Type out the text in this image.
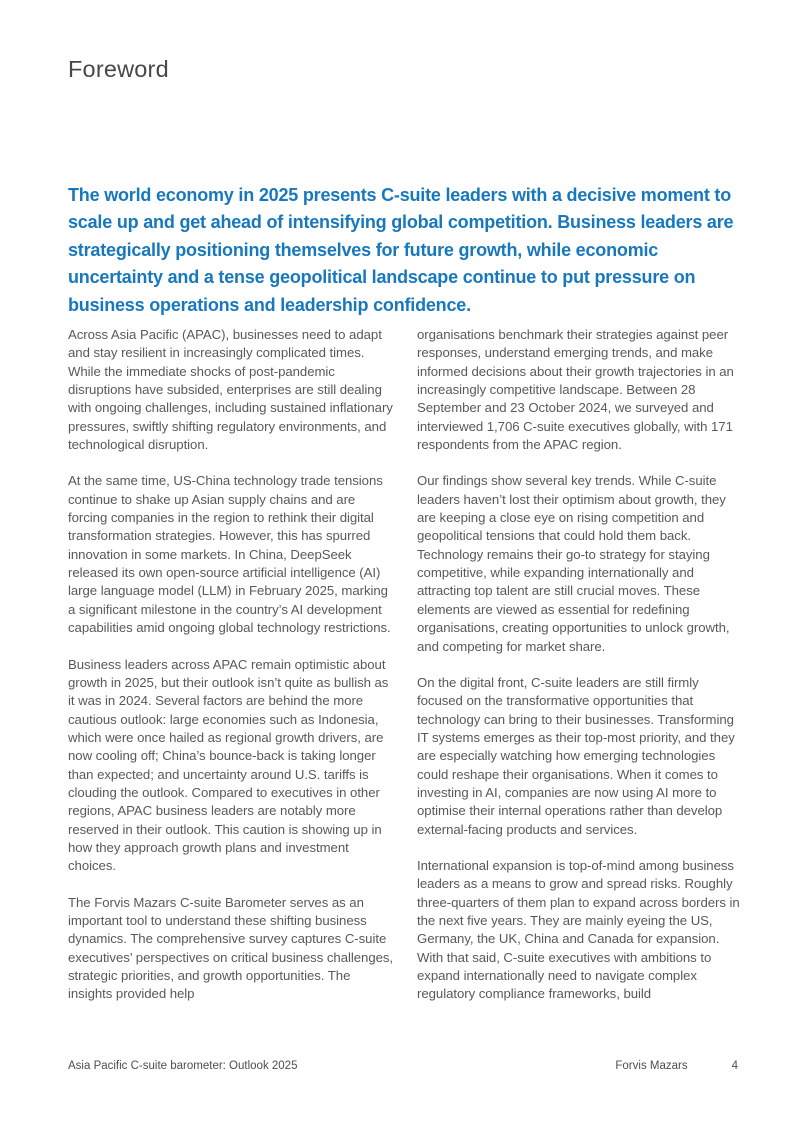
Foreword
The world economy in 2025 presents C-suite leaders with a decisive moment to scale up and get ahead of intensifying global competition. Business leaders are strategically positioning themselves for future growth, while economic uncertainty and a tense geopolitical landscape continue to put pressure on business operations and leadership confidence.

Across Asia Pacific (APAC), businesses need to adapt and stay resilient in increasingly complicated times. While the immediate shocks of post-pandemic disruptions have subsided, enterprises are still dealing with ongoing challenges, including sustained inflationary pressures, swiftly shifting regulatory environments, and technological disruption.

At the same time, US-China technology trade tensions continue to shake up Asian supply chains and are forcing companies in the region to rethink their digital transformation strategies. However, this has spurred innovation in some markets. In China, DeepSeek released its own open-source artificial intelligence (AI) large language model (LLM) in February 2025, marking a significant milestone in the country’s AI development capabilities amid ongoing global technology restrictions.

Business leaders across APAC remain optimistic about growth in 2025, but their outlook isn’t quite as bullish as it was in 2024. Several factors are behind the more cautious outlook: large economies such as Indonesia, which were once hailed as regional growth drivers, are now cooling off; China’s bounce-back is taking longer than expected; and uncertainty around U.S. tariffs is clouding the outlook. Compared to executives in other regions, APAC business leaders are notably more reserved in their outlook. This caution is showing up in how they approach growth plans and investment choices.

The Forvis Mazars C-suite Barometer serves as an important tool to understand these shifting business dynamics. The comprehensive survey captures C-suite executives’ perspectives on critical business challenges, strategic priorities, and growth opportunities. The insights provided help

organisations benchmark their strategies against peer responses, understand emerging trends, and make informed decisions about their growth trajectories in an increasingly competitive landscape. Between 28 September and 23 October 2024, we surveyed and interviewed 1,706 C-suite executives globally, with 171 respondents from the APAC region.

Our findings show several key trends. While C-suite leaders haven’t lost their optimism about growth, they are keeping a close eye on rising competition and geopolitical tensions that could hold them back. Technology remains their go-to strategy for staying competitive, while expanding internationally and attracting top talent are still crucial moves. These elements are viewed as essential for redefining organisations, creating opportunities to unlock growth, and competing for market share.

On the digital front, C-suite leaders are still firmly focused on the transformative opportunities that technology can bring to their businesses. Transforming IT systems emerges as their top-most priority, and they are especially watching how emerging technologies could reshape their organisations. When it comes to investing in AI, companies are now using AI more to optimise their internal operations rather than develop external-facing products and services.

International expansion is top-of-mind among business leaders as a means to grow and spread risks. Roughly three-quarters of them plan to expand across borders in the next five years. They are mainly eyeing the US, Germany, the UK, China and Canada for expansion. With that said, C-suite executives with ambitions to expand internationally need to navigate complex regulatory compliance frameworks, build

Asia Pacific C-suite barometer: Outlook 2025	Forvis Mazars	4
